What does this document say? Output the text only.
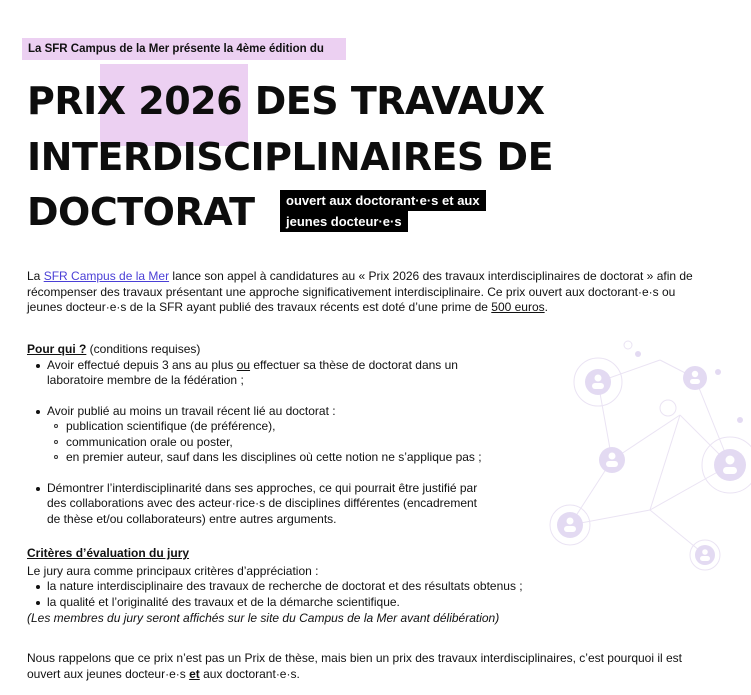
La SFR Campus de la Mer présente la 4ème édition du
PRIX 2026 DES TRAVAUX
INTERDISCIPLINAIRES DE
DOCTORAT	ouvert aux doctorant·e·s et aux
jeunes docteur·e·s
La SFR Campus de la Mer lance son appel à candidatures au « Prix 2026 des travaux interdisciplinaires de doctorat » afin de récompenser des travaux présentant une approche significativement interdisciplinaire. Ce prix ouvert aux doctorant·e·s ou jeunes docteur·e·s de la SFR ayant publié des travaux récents est doté d’une prime de 500 euros.
Pour qui ? (conditions requises)
Avoir effectué depuis 3 ans au plus ou effectuer sa thèse de doctorat dans un laboratoire membre de la fédération ;
Avoir publié au moins un travail récent lié au doctorat :
publication scientifique (de préférence),
communication orale ou poster,
en premier auteur, sauf dans les disciplines où cette notion ne s’applique pas ;
Démontrer l’interdisciplinarité dans ses approches, ce qui pourrait être justifié par des collaborations avec des acteur·rice·s de disciplines différentes (encadrement de thèse et/ou collaborateurs) entre autres arguments.
Critères d’évaluation du jury
Le jury aura comme principaux critères d’appréciation :
la nature interdisciplinaire des travaux de recherche de doctorat et des résultats obtenus ;
la qualité et l’originalité des travaux et de la démarche scientifique.
(Les membres du jury seront affichés sur le site du Campus de la Mer avant délibération)
Nous rappelons que ce prix n’est pas un Prix de thèse, mais bien un prix des travaux interdisciplinaires, c’est pourquoi il est ouvert aux jeunes docteur·e·s et aux doctorant·e·s.
